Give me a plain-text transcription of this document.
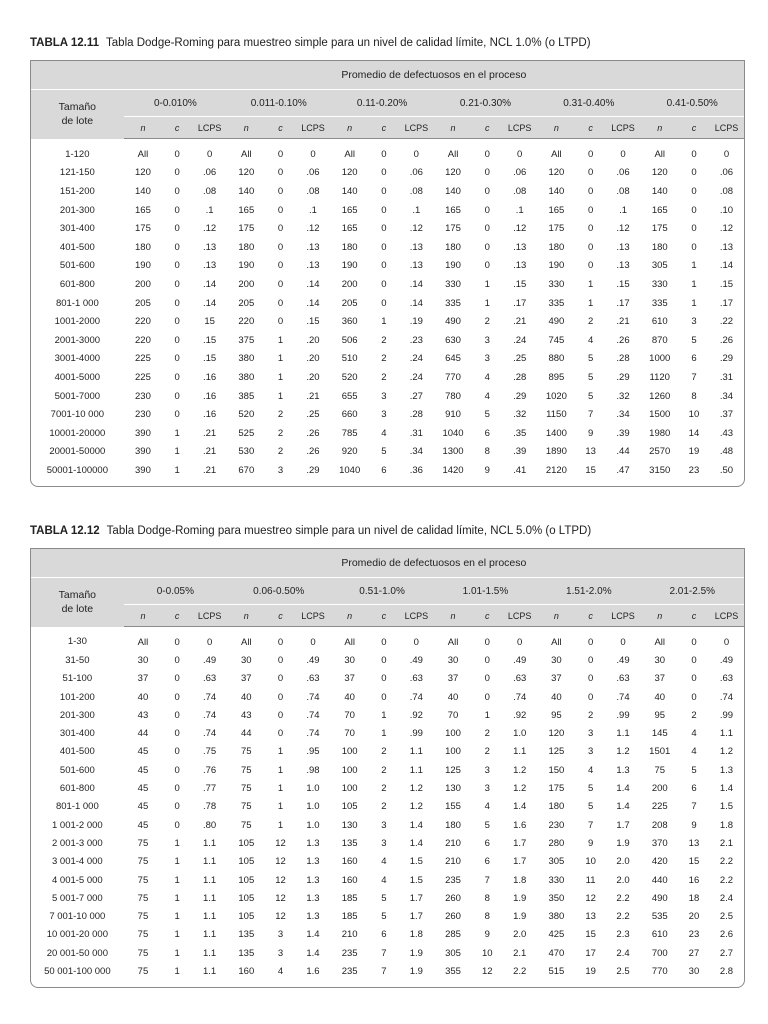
TABLA 12.11 Tabla Dodge-Roming para muestreo simple para un nivel de calidad límite, NCL 1.0% (o LTPD)
	Promedio de defectuosos en el proceso																	
Tamaño
de lote	0-0.010%			0.011-0.10%			0.11-0.20%			0.21-0.30%			0.31-0.40%			0.41-0.50%		
	n	c	LCPS	n	c	LCPS	n	c	LCPS	n	c	LCPS	n	c	LCPS	n	c	LCPS
1-120	All	0	0	All	0	0	All	0	0	All	0	0	All	0	0	All	0	0
121-150	120	0	.06	120	0	.06	120	0	.06	120	0	.06	120	0	.06	120	0	.06
151-200	140	0	.08	140	0	.08	140	0	.08	140	0	.08	140	0	.08	140	0	.08
201-300	165	0	.1	165	0	.1	165	0	.1	165	0	.1	165	0	.1	165	0	.10
301-400	175	0	.12	175	0	.12	165	0	.12	175	0	.12	175	0	.12	175	0	.12
401-500	180	0	.13	180	0	.13	180	0	.13	180	0	.13	180	0	.13	180	0	.13
501-600	190	0	.13	190	0	.13	190	0	.13	190	0	.13	190	0	.13	305	1	.14
601-800	200	0	.14	200	0	.14	200	0	.14	330	1	.15	330	1	.15	330	1	.15
801-1 000	205	0	.14	205	0	.14	205	0	.14	335	1	.17	335	1	.17	335	1	.17
1001-2000	220	0	15	220	0	.15	360	1	.19	490	2	.21	490	2	.21	610	3	.22
2001-3000	220	0	.15	375	1	.20	506	2	.23	630	3	.24	745	4	.26	870	5	.26
3001-4000	225	0	.15	380	1	.20	510	2	.24	645	3	.25	880	5	.28	1000	6	.29
4001-5000	225	0	.16	380	1	.20	520	2	.24	770	4	.28	895	5	.29	1120	7	.31
5001-7000	230	0	.16	385	1	.21	655	3	.27	780	4	.29	1020	5	.32	1260	8	.34
7001-10 000	230	0	.16	520	2	.25	660	3	.28	910	5	.32	1150	7	.34	1500	10	.37
10001-20000	390	1	.21	525	2	.26	785	4	.31	1040	6	.35	1400	9	.39	1980	14	.43
20001-50000	390	1	.21	530	2	.26	920	5	.34	1300	8	.39	1890	13	.44	2570	19	.48
50001-100000	390	1	.21	670	3	.29	1040	6	.36	1420	9	.41	2120	15	.47	3150	23	.50
TABLA 12.12 Tabla Dodge-Roming para muestreo simple para un nivel de calidad límite, NCL 5.0% (o LTPD)
	Promedio de defectuosos en el proceso																	
Tamaño
de lote	0-0.05%			0.06-0.50%			0.51-1.0%			1.01-1.5%			1.51-2.0%			2.01-2.5%		
	n	c	LCPS	n	c	LCPS	n	c	LCPS	n	c	LCPS	n	c	LCPS	n	c	LCPS
1-30	All	0	0	All	0	0	All	0	0	All	0	0	All	0	0	All	0	0
31-50	30	0	.49	30	0	.49	30	0	.49	30	0	.49	30	0	.49	30	0	.49
51-100	37	0	.63	37	0	.63	37	0	.63	37	0	.63	37	0	.63	37	0	.63
101-200	40	0	.74	40	0	.74	40	0	.74	40	0	.74	40	0	.74	40	0	.74
201-300	43	0	.74	43	0	.74	70	1	.92	70	1	.92	95	2	.99	95	2	.99
301-400	44	0	.74	44	0	.74	70	1	.99	100	2	1.0	120	3	1.1	145	4	1.1
401-500	45	0	.75	75	1	.95	100	2	1.1	100	2	1.1	125	3	1.2	1501	4	1.2
501-600	45	0	.76	75	1	.98	100	2	1.1	125	3	1.2	150	4	1.3	75	5	1.3
601-800	45	0	.77	75	1	1.0	100	2	1.2	130	3	1.2	175	5	1.4	200	6	1.4
801-1 000	45	0	.78	75	1	1.0	105	2	1.2	155	4	1.4	180	5	1.4	225	7	1.5
1 001-2 000	45	0	.80	75	1	1.0	130	3	1.4	180	5	1.6	230	7	1.7	208	9	1.8
2 001-3 000	75	1	1.1	105	12	1.3	135	3	1.4	210	6	1.7	280	9	1.9	370	13	2.1
3 001-4 000	75	1	1.1	105	12	1.3	160	4	1.5	210	6	1.7	305	10	2.0	420	15	2.2
4 001-5 000	75	1	1.1	105	12	1.3	160	4	1.5	235	7	1.8	330	11	2.0	440	16	2.2
5 001-7 000	75	1	1.1	105	12	1.3	185	5	1.7	260	8	1.9	350	12	2.2	490	18	2.4
7 001-10 000	75	1	1.1	105	12	1.3	185	5	1.7	260	8	1.9	380	13	2.2	535	20	2.5
10 001-20 000	75	1	1.1	135	3	1.4	210	6	1.8	285	9	2.0	425	15	2.3	610	23	2.6
20 001-50 000	75	1	1.1	135	3	1.4	235	7	1.9	305	10	2.1	470	17	2.4	700	27	2.7
50 001-100 000	75	1	1.1	160	4	1.6	235	7	1.9	355	12	2.2	515	19	2.5	770	30	2.8
